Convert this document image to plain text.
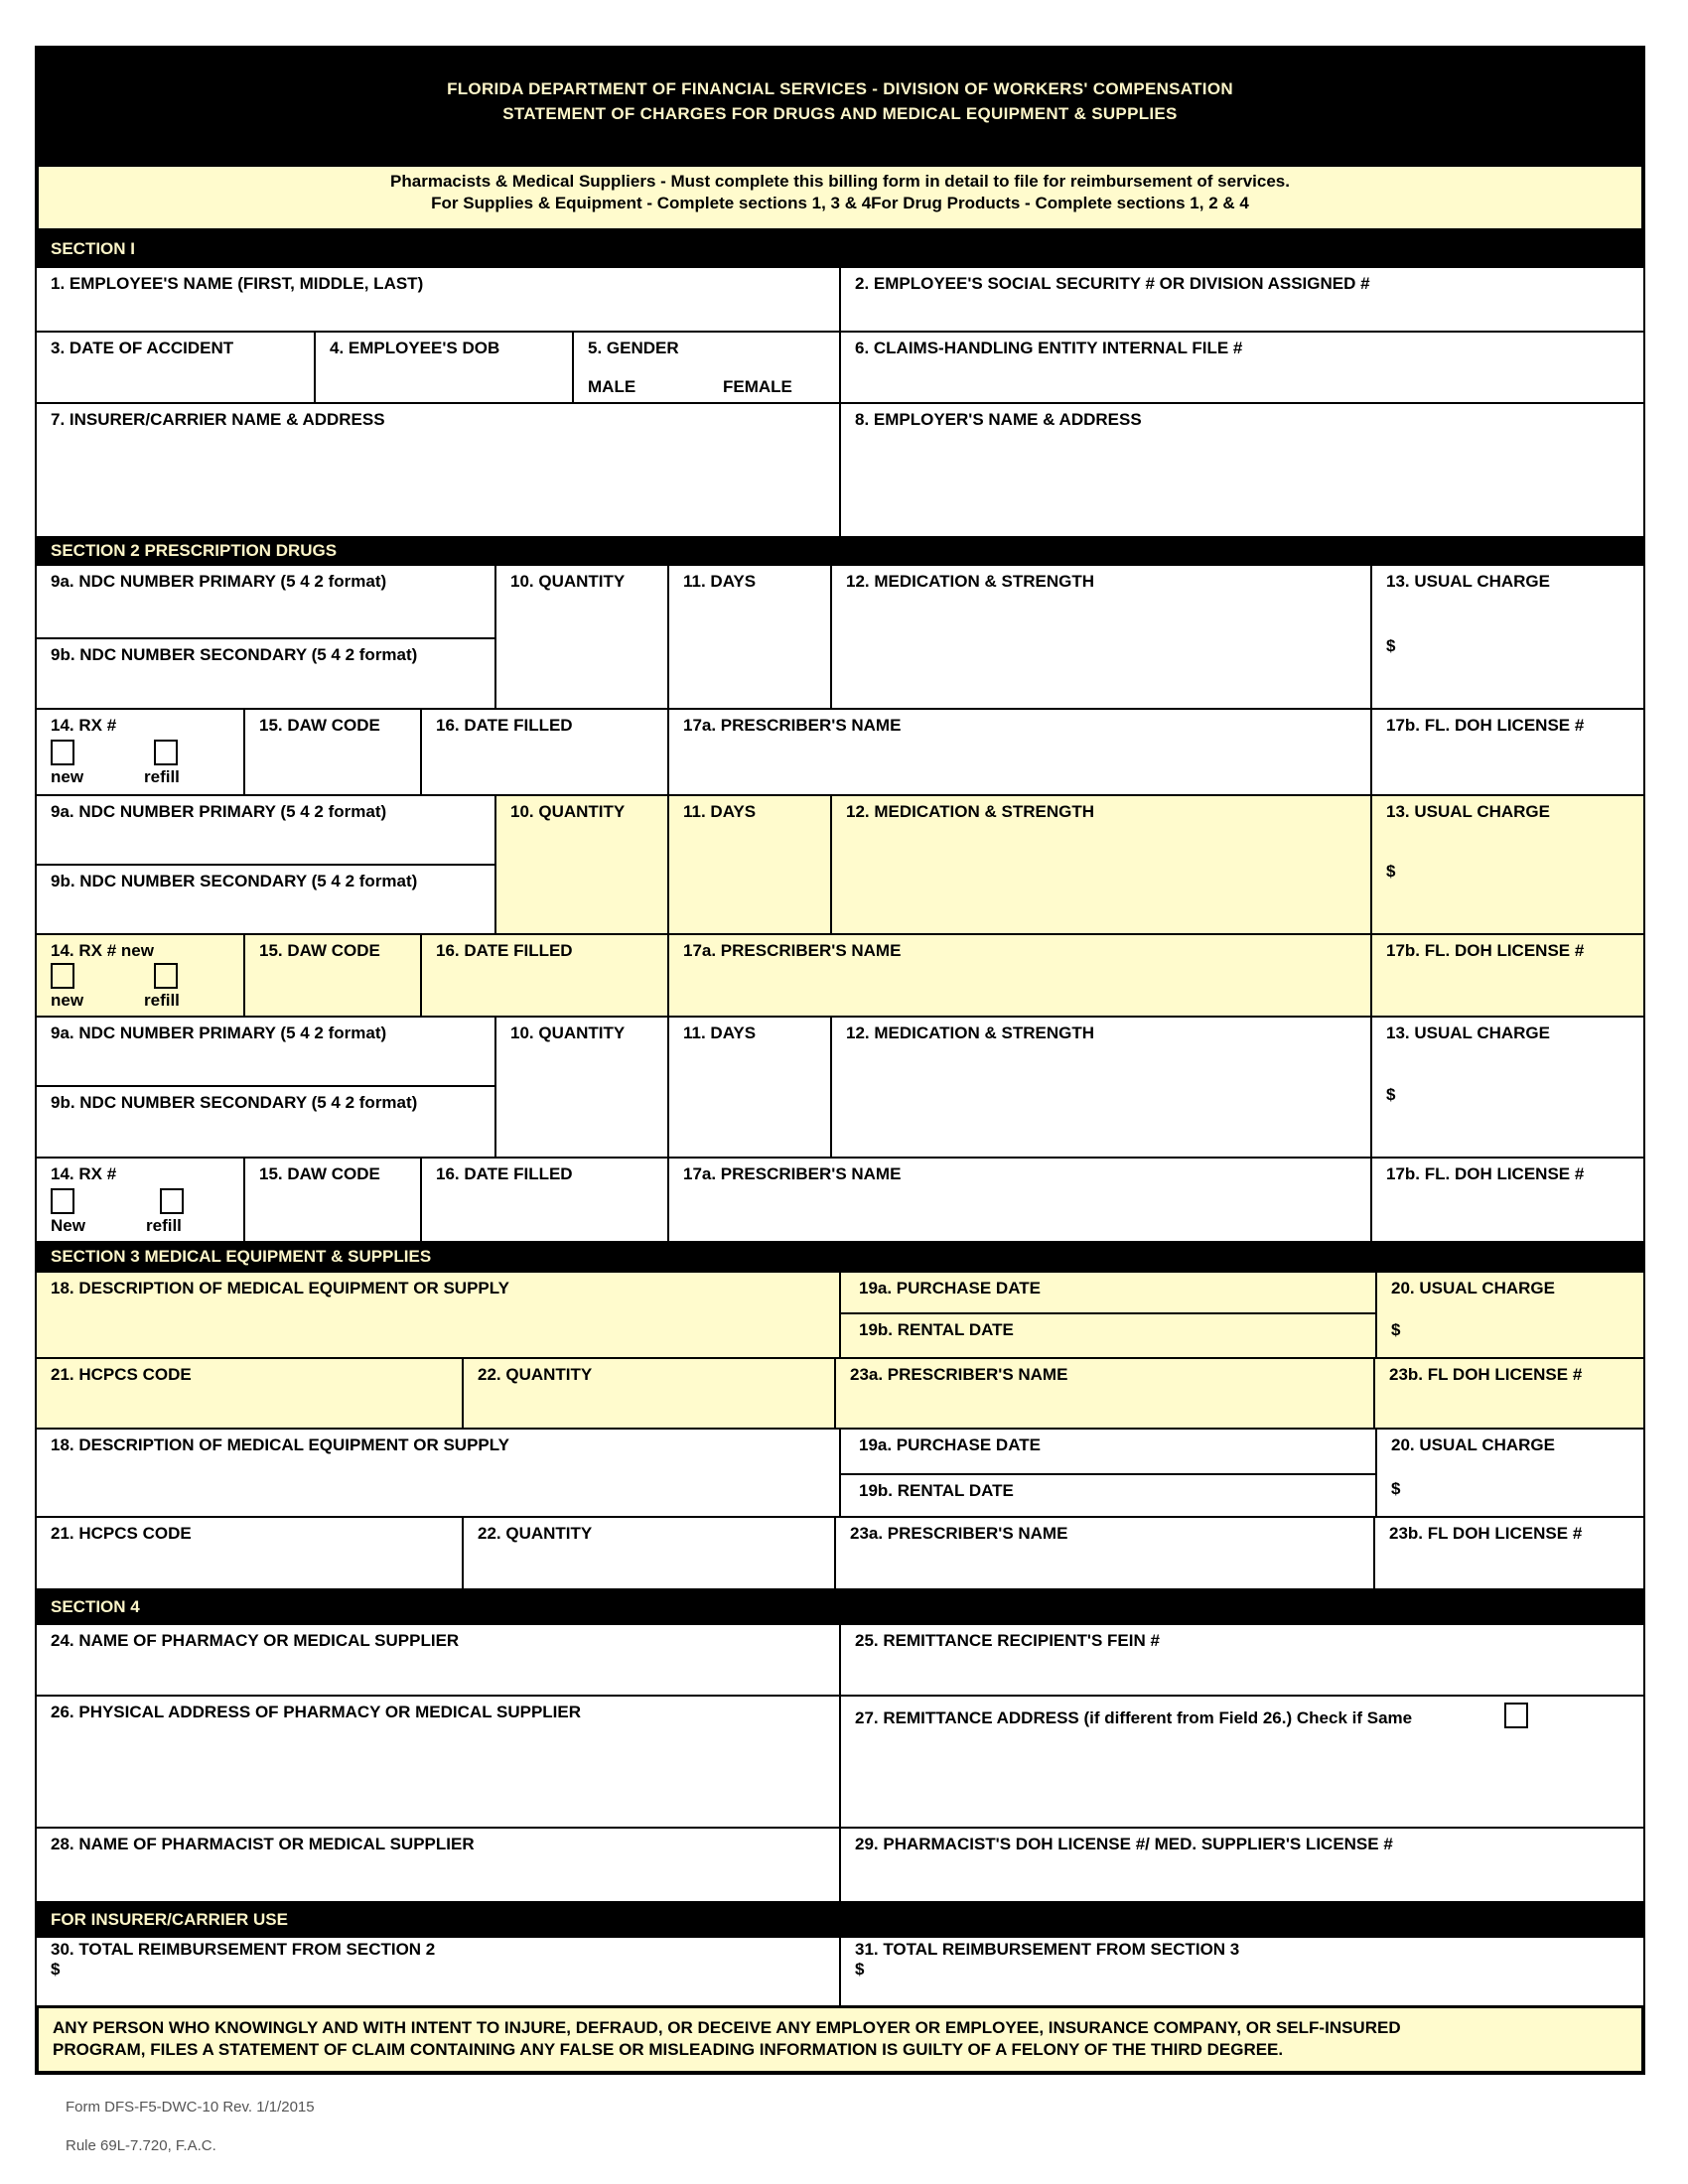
FLORIDA DEPARTMENT OF FINANCIAL SERVICES - DIVISION OF WORKERS' COMPENSATION
STATEMENT OF CHARGES FOR DRUGS AND MEDICAL EQUIPMENT & SUPPLIES
Pharmacists & Medical Suppliers - Must complete this billing form in detail to file for reimbursement of services.
For Supplies & Equipment - Complete sections 1, 3 & 4For Drug Products - Complete sections 1, 2 & 4
SECTION I
1. EMPLOYEE'S NAME (FIRST, MIDDLE, LAST)	2. EMPLOYEE'S SOCIAL SECURITY # OR DIVISION ASSIGNED #
3. DATE OF ACCIDENT	4. EMPLOYEE'S DOB	5. GENDER
MALE	FEMALE
6. CLAIMS-HANDLING ENTITY INTERNAL FILE #
7. INSURER/CARRIER NAME & ADDRESS	8. EMPLOYER'S NAME & ADDRESS
SECTION 2 PRESCRIPTION DRUGS
9a. NDC NUMBER PRIMARY (5 4 2 format)
9b. NDC NUMBER SECONDARY (5 4 2 format)
10. QUANTITY	11. DAYS	12. MEDICATION & STRENGTH	13. USUAL CHARGE
$
14. RX #
new	refill
15. DAW CODE	16. DATE FILLED	17a. PRESCRIBER'S NAME	17b. FL. DOH LICENSE #
9a. NDC NUMBER PRIMARY (5 4 2 format)
9b. NDC NUMBER SECONDARY (5 4 2 format)
10. QUANTITY	11. DAYS	12. MEDICATION & STRENGTH	13. USUAL CHARGE
$
14. RX # new
new	refill
15. DAW CODE	16. DATE FILLED	17a. PRESCRIBER'S NAME	17b. FL. DOH LICENSE #
9a. NDC NUMBER PRIMARY (5 4 2 format)
9b. NDC NUMBER SECONDARY (5 4 2 format)
10. QUANTITY	11. DAYS	12. MEDICATION & STRENGTH	13. USUAL CHARGE
$
14. RX #
New	refill
15. DAW CODE	16. DATE FILLED	17a. PRESCRIBER'S NAME	17b. FL. DOH LICENSE #
SECTION 3 MEDICAL EQUIPMENT & SUPPLIES
18. DESCRIPTION OF MEDICAL EQUIPMENT OR SUPPLY	19a. PURCHASE DATE
19b. RENTAL DATE
20. USUAL CHARGE
$
21. HCPCS CODE	22. QUANTITY	23a. PRESCRIBER'S NAME	23b. FL DOH LICENSE #
18. DESCRIPTION OF MEDICAL EQUIPMENT OR SUPPLY	19a. PURCHASE DATE
19b. RENTAL DATE
20. USUAL CHARGE
$
21. HCPCS CODE	22. QUANTITY	23a. PRESCRIBER'S NAME	23b. FL DOH LICENSE #
SECTION 4
24. NAME OF PHARMACY OR MEDICAL SUPPLIER	25. REMITTANCE RECIPIENT'S FEIN #
26. PHYSICAL ADDRESS OF PHARMACY OR MEDICAL SUPPLIER	27. REMITTANCE ADDRESS (if different from Field 26.) Check if Same
28. NAME OF PHARMACIST OR MEDICAL SUPPLIER	29. PHARMACIST'S DOH LICENSE #/ MED. SUPPLIER'S LICENSE #
FOR INSURER/CARRIER USE
30. TOTAL REIMBURSEMENT FROM SECTION 2
$
31. TOTAL REIMBURSEMENT FROM SECTION 3
$
ANY PERSON WHO KNOWINGLY AND WITH INTENT TO INJURE, DEFRAUD, OR DECEIVE ANY EMPLOYER OR EMPLOYEE, INSURANCE COMPANY, OR SELF-INSURED
PROGRAM, FILES A STATEMENT OF CLAIM CONTAINING ANY FALSE OR MISLEADING INFORMATION IS GUILTY OF A FELONY OF THE THIRD DEGREE.
Form DFS-F5-DWC-10 Rev. 1/1/2015
Rule 69L-7.720, F.A.C.
